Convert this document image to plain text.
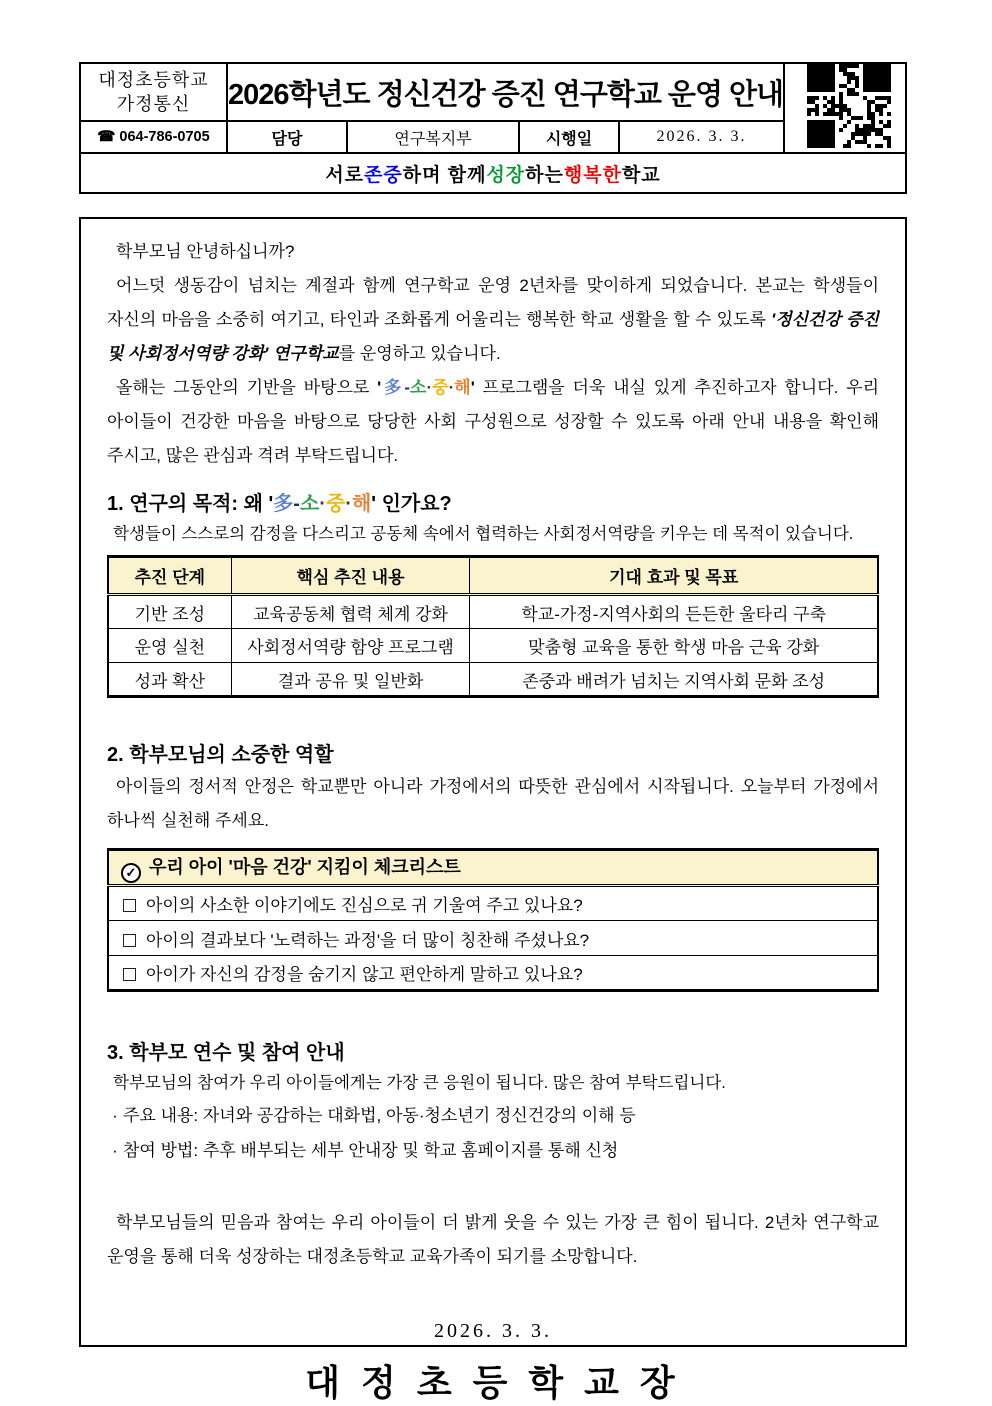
대정초등학교
가정통신 2026학년도 정신건강 증진 연구학교 운영 안내
☎
064-786-0705	담당	연구복지부	시행일	2026. 3. 3.
서로 존중 하며 함께 성장 하는 행복한 학교

학부모님 안녕하십니까?

어느덧 생동감이 넘치는 계절과 함께 연구학교 운영 2년차를 맞이하게 되었습니다. 본교는 학생들이 자신의 마음을 소중히 여기고, 타인과 조화롭게 어울리는 행복한 학교 생활을 할 수 있도록 '정신건강 증진 및 사회정서역량 강화' 연구학교를 운영하고 있습니다.

올해는 그동안의 기반을 바탕으로 '多-소·중·해' 프로그램을 더욱 내실 있게 추진하고자 합니다. 우리 아이들이 건강한 마음을 바탕으로 당당한 사회 구성원으로 성장할 수 있도록 아래 안내 내용을 확인해 주시고, 많은 관심과 격려 부탁드립니다.

1. 연구의 목적: 왜 '多-소·중·해' 인가요?

학생들이 스스로의 감정을 다스리고 공동체 속에서 협력하는 사회정서역량을 키우는 데 목적이 있습니다.

추진 단계	핵심 추진 내용	기대 효과 및 목표
기반 조성	교육공동체 협력 체계 강화	학교-가정-지역사회의 든든한 울타리 구축
운영 실천	사회정서역량 함양 프로그램	맞춤형 교육을 통한 학생 마음 근육 강화
성과 확산	결과 공유 및 일반화	존중과 배려가 넘치는 지역사회 문화 조성
2. 학부모님의 소중한 역할

아이들의 정서적 안정은 학교뿐만 아니라 가정에서의 따뜻한 관심에서 시작됩니다. 오늘부터 가정에서 하나씩 실천해 주세요.

✓ 우리 아이 '마음 건강' 지킴이 체크리스트
아이의 사소한 이야기에도 진심으로 귀 기울여 주고 있나요?
아이의 결과보다 '노력하는 과정'을 더 많이 칭찬해 주셨나요?
아이가 자신의 감정을 숨기지 않고 편안하게 말하고 있나요?
3. 학부모 연수 및 참여 안내

학부모님의 참여가 우리 아이들에게는 가장 큰 응원이 됩니다. 많은 참여 부탁드립니다.

· 주요 내용: 자녀와 공감하는 대화법, 아동·청소년기 정신건강의 이해 등

· 참여 방법: 추후 배부되는 세부 안내장 및 학교 홈페이지를 통해 신청

학부모님들의 믿음과 참여는 우리 아이들이 더 밝게 웃을 수 있는 가장 큰 힘이 됩니다. 2년차 연구학교 운영을 통해 더욱 성장하는 대정초등학교 교육가족이 되기를 소망합니다.

2026. 3. 3.

대 정 초 등 학 교 장
